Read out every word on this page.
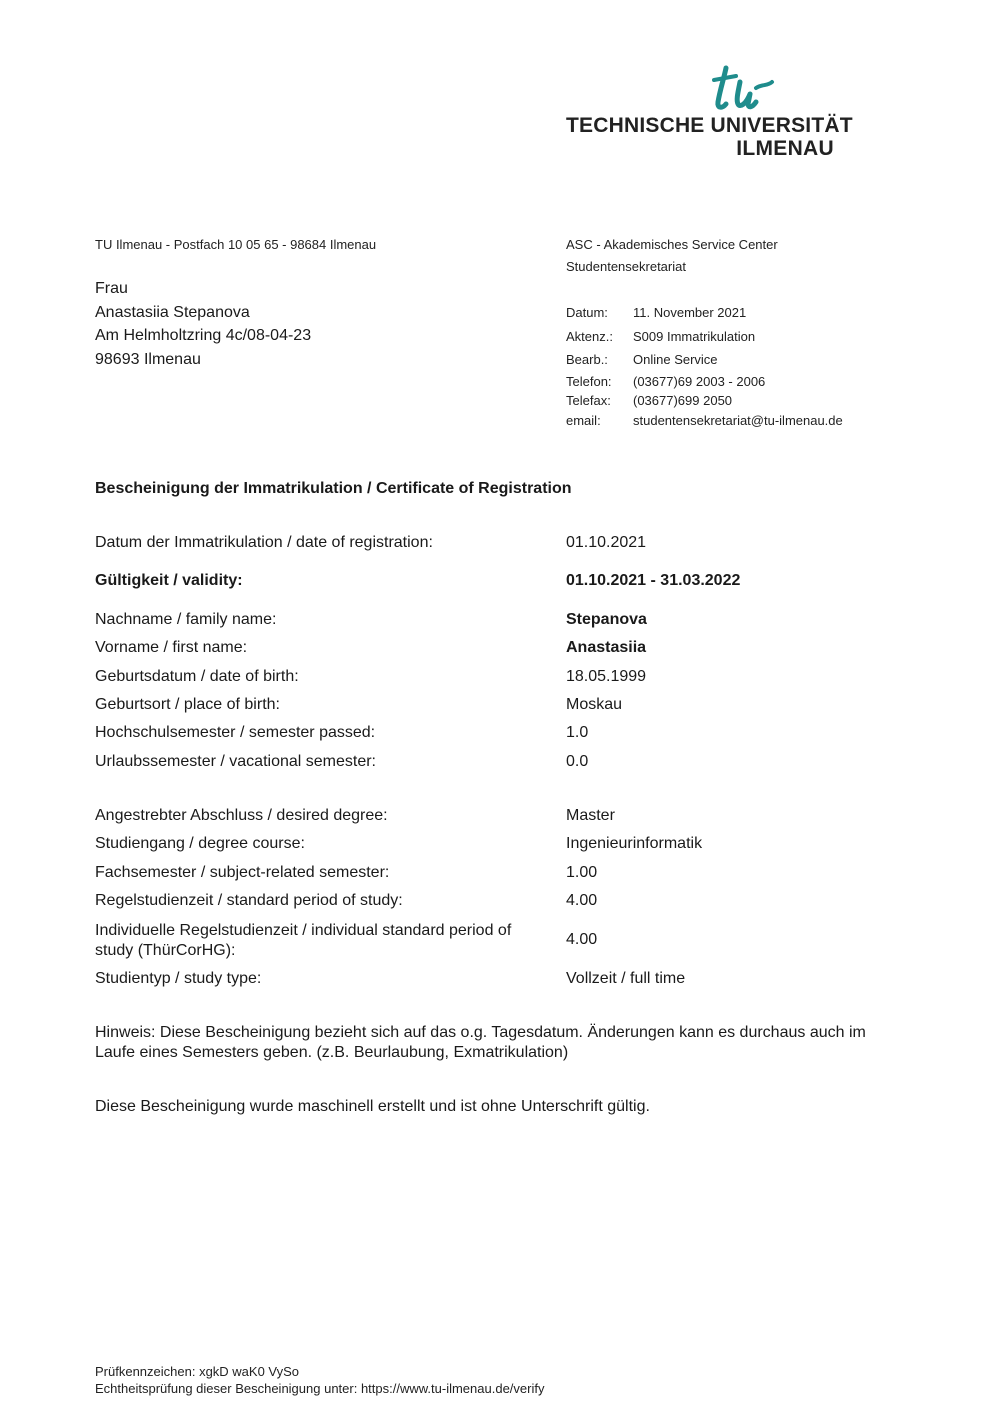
TECHNISCHE UNIVERSITÄT
ILMENAU
TU Ilmenau - Postfach 10 05 65 - 98684 Ilmenau	ASC - Akademisches Service Center
Studentensekretariat
Frau
Anastasiia Stepanova
Am Helmholtzring 4c/08-04-23
98693 Ilmenau
Datum: 11. November 2021
Aktenz.: S009 Immatrikulation
Bearb.: Online Service
Telefon: (03677)69 2003 - 2006
Telefax: (03677)699 2050
email: studentensekretariat@tu-ilmenau.de
Bescheinigung der Immatrikulation / Certificate of Registration
Datum der Immatrikulation / date of registration:	01.10.2021
Gültigkeit / validity:	01.10.2021 - 31.03.2022
Nachname / family name:	Stepanova
Vorname / first name:	Anastasiia
Geburtsdatum / date of birth:	18.05.1999
Geburtsort / place of birth:	Moskau
Hochschulsemester / semester passed:	1.0
Urlaubssemester / vacational semester:	0.0
Angestrebter Abschluss / desired degree:	Master
Studiengang / degree course:	Ingenieurinformatik
Fachsemester / subject-related semester:	1.00
Regelstudienzeit / standard period of study:	4.00
Individuelle Regelstudienzeit / individual standard period of study (ThürCorHG):
4.00
Studientyp / study type:	Vollzeit / full time
Hinweis: Diese Bescheinigung bezieht sich auf das o.g. Tagesdatum. Änderungen kann es durchaus auch im Laufe eines Semesters geben. (z.B. Beurlaubung, Exmatrikulation)
Diese Bescheinigung wurde maschinell erstellt und ist ohne Unterschrift gültig.
Prüfkennzeichen: xgkD waK0 VySo
Echtheitsprüfung dieser Bescheinigung unter: https://www.tu-ilmenau.de/verify
